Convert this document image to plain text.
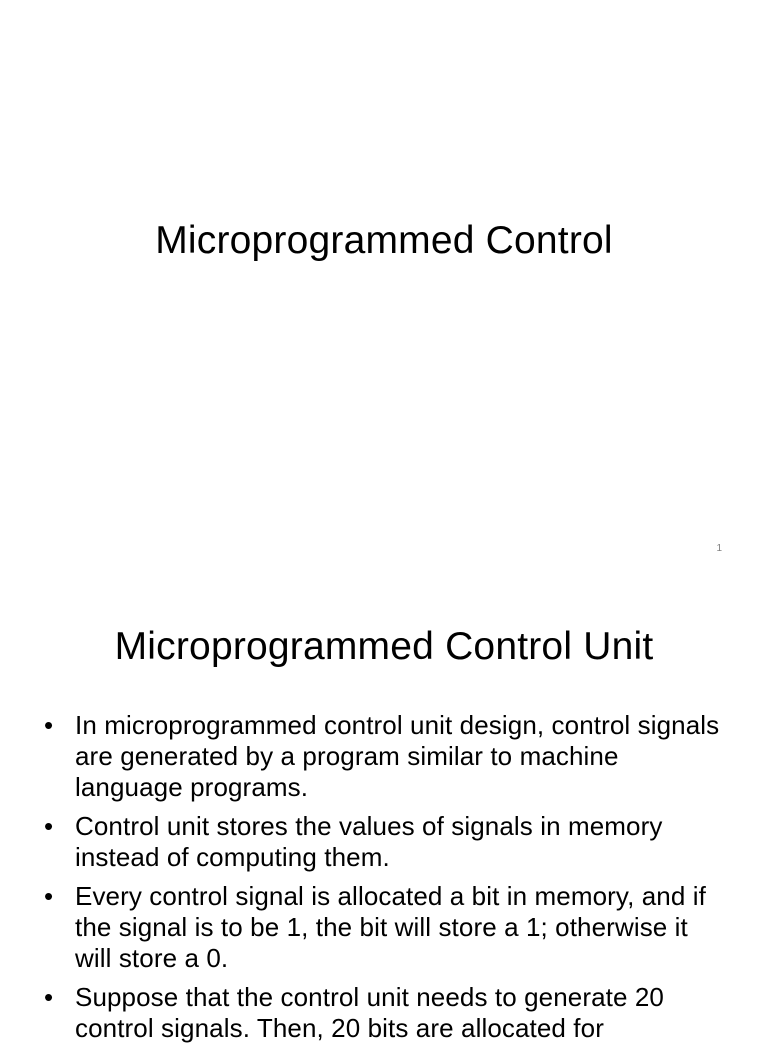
Microprogrammed Control
1
Microprogrammed Control Unit
• In microprogrammed control unit design, control signals are generated by a program similar to machine language programs.
• Control unit stores the values of signals in memory instead of computing them.
• Every control signal is allocated a bit in memory, and if the signal is to be 1, the bit will store a 1; otherwise it will store a 0.
• Suppose that the control unit needs to generate 20 control signals. Then, 20 bits are allocated for
